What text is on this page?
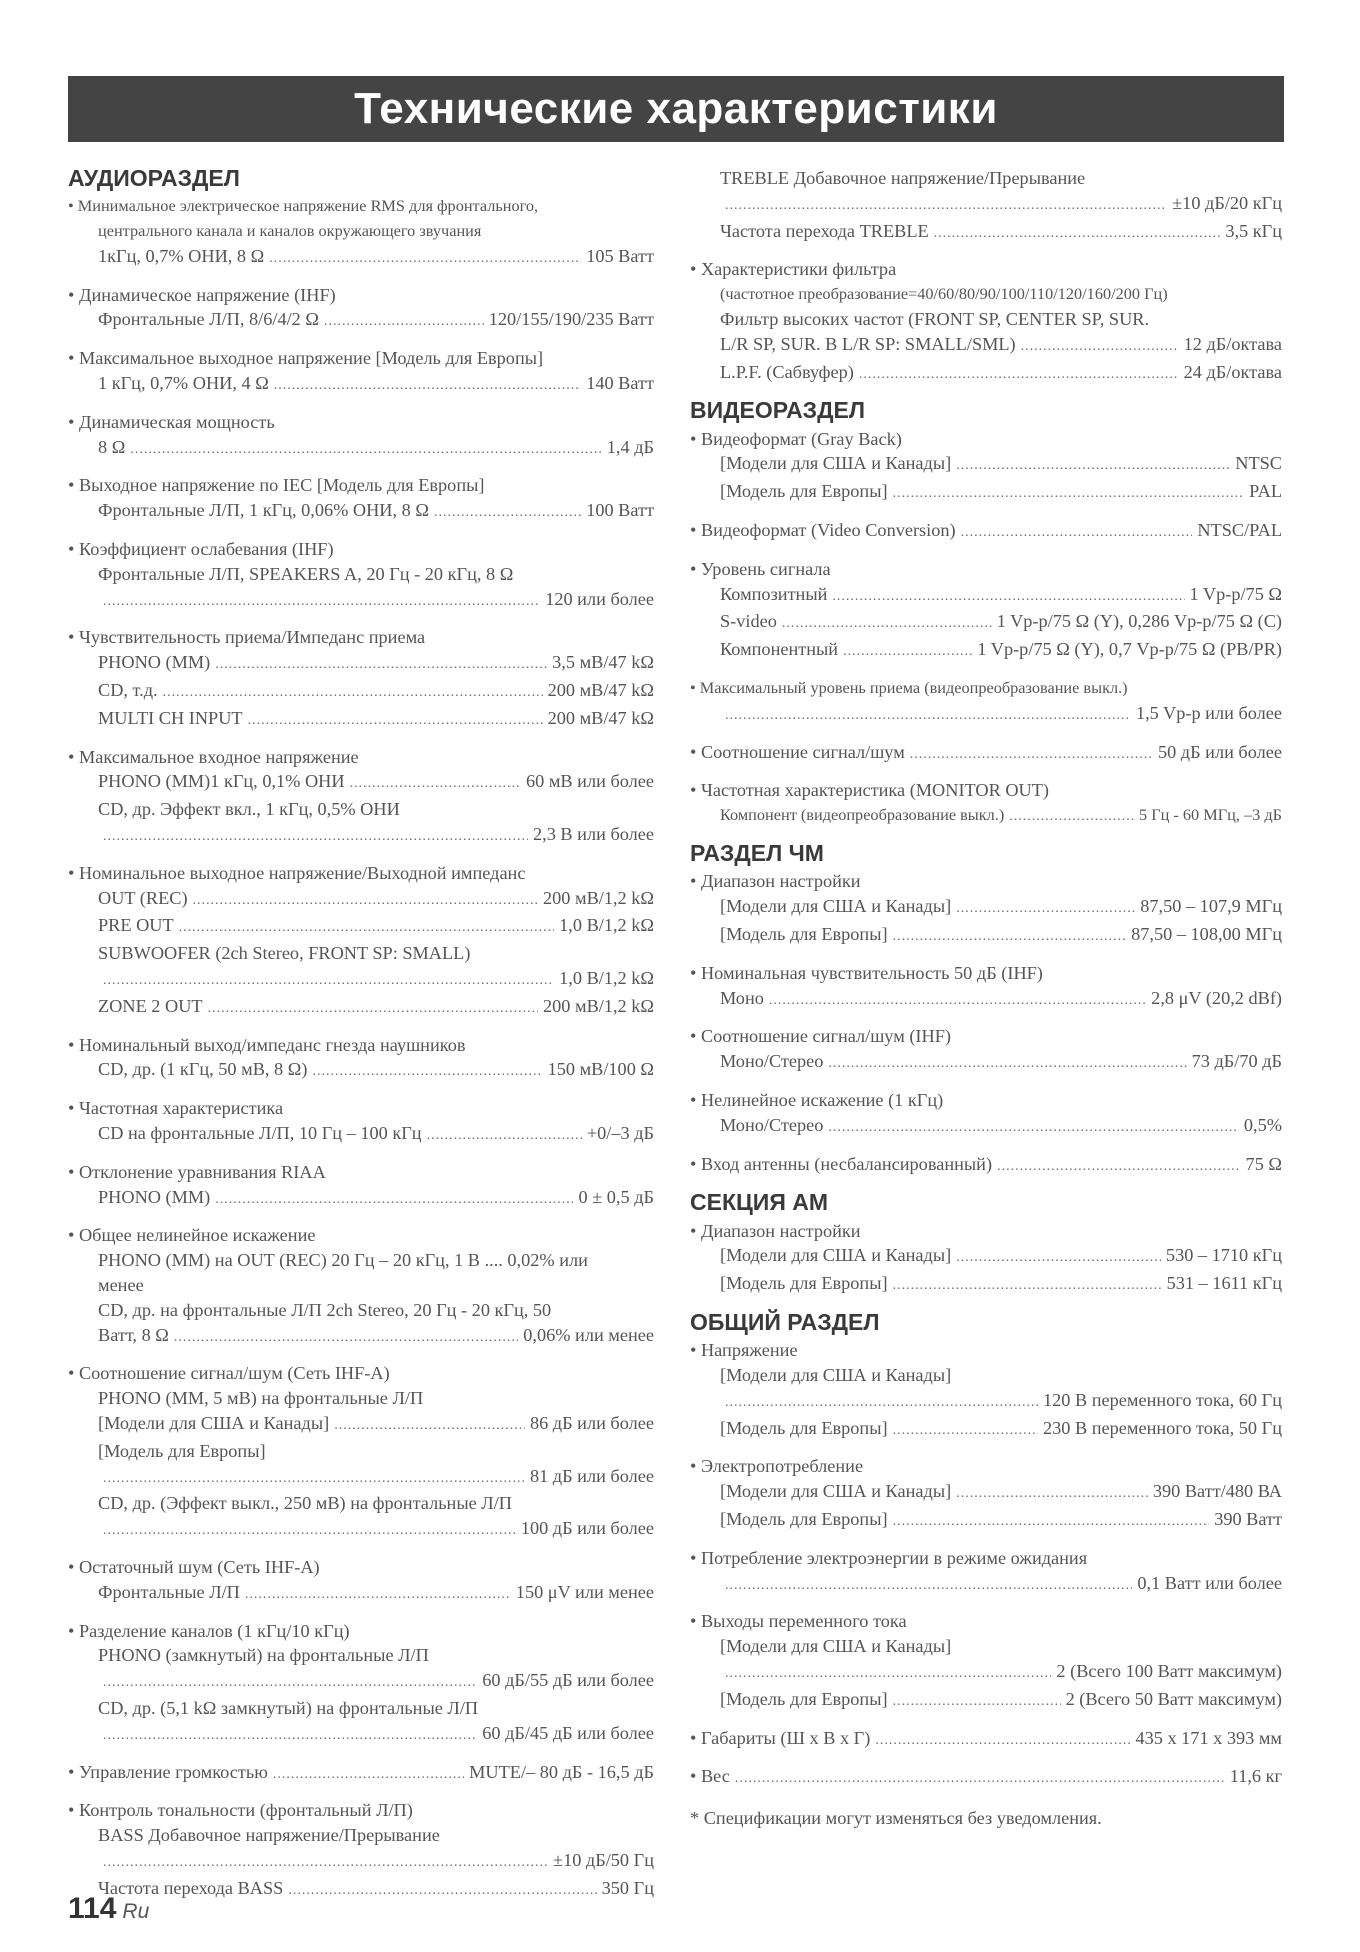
Технические характеристики
АУДИОРАЗДЕЛ
• Минимальное электрическое напряжение RMS для фронтального,
центрального канала и каналов окружающего звучания
1кГц, 0,7% ОНИ, 8 Ω .....	105 Ватт
• Динамическое напряжение (IHF)
Фронтальные Л/П, 8/6/4/2 Ω .....	120/155/190/235 Ватт
• Максимальное выходное напряжение [Модель для Европы]
1 кГц, 0,7% ОНИ, 4 Ω .....	140 Ватт
• Динамическая мощность
8 Ω .....	1,4 дБ
• Выходное напряжение по IEC [Модель для Европы]
Фронтальные Л/П, 1 кГц, 0,06% ОНИ, 8 Ω .....	100 Ватт
• Коэффициент ослабевания (IHF)
Фронтальные Л/П, SPEAKERS A, 20 Гц - 20 кГц, 8 Ω
.....
120 или более
• Чувствительность приема/Импеданс приема
PHONO (MM) .....	3,5 мВ/47 kΩ
CD, т.д. .....	200 мВ/47 kΩ
MULTI CH INPUT .....	200 мВ/47 kΩ
• Максимальное входное напряжение
PHONO (MM)1 кГц, 0,1% ОНИ .....	60 мВ или более
CD, др. Эффект вкл., 1 кГц, 0,5% ОНИ
.....
2,3 В или более
• Номинальное выходное напряжение/Выходной импеданс
OUT (REC) .....	200 мВ/1,2 kΩ
PRE OUT .....	1,0 В/1,2 kΩ
SUBWOOFER (2ch Stereo, FRONT SP: SMALL)
.....
1,0 В/1,2 kΩ
ZONE 2 OUT .....	200 мВ/1,2 kΩ
• Номинальный выход/импеданс гнезда наушников
CD, др. (1 кГц, 50 мВ, 8 Ω) .....	150 мВ/100 Ω
• Частотная характеристика
CD на фронтальные Л/П, 10 Гц – 100 кГц .....	+0/–3 дБ
• Отклонение уравнивания RIAA
PHONO (MM) .....	0 ± 0,5 дБ
• Общее нелинейное искажение
PHONO (MM) на OUT (REC) 20 Гц – 20 кГц, 1 В .... 0,02% или
менее
CD, др. на фронтальные Л/П 2ch Stereo, 20 Гц - 20 кГц, 50
Ватт, 8 Ω .....	0,06% или менее
• Соотношение сигнал/шум (Сеть IHF-A)
PHONO (MM, 5 мВ) на фронтальные Л/П
[Модели для США и Канады] .....	86 дБ или более
[Модель для Европы]
.....
81 дБ или более
CD, др. (Эффект выкл., 250 мВ) на фронтальные Л/П
.....
100 дБ или более
• Остаточный шум (Сеть IHF-A)
Фронтальные Л/П .....	150 μV или менее
• Разделение каналов (1 кГц/10 кГц)
PHONO (замкнутый) на фронтальные Л/П
.....
60 дБ/55 дБ или более
CD, др. (5,1 kΩ замкнутый) на фронтальные Л/П
.....
60 дБ/45 дБ или более
• Управление громкостью .....	MUTE/– 80 дБ - 16,5 дБ
• Контроль тональности (фронтальный Л/П)
BASS Добавочное напряжение/Прерывание
.....
±10 дБ/50 Гц
Частота перехода BASS .....	350 Гц
TREBLE Добавочное напряжение/Прерывание
.....
±10 дБ/20 кГц
Частота перехода TREBLE .....	3,5 кГц
• Характеристики фильтра
(частотное преобразование=40/60/80/90/100/110/120/160/200 Гц)
Фильтр высоких частот (FRONT SP, CENTER SP, SUR.
L/R SP, SUR. B L/R SP: SMALL/SML) .....	12 дБ/октава
L.P.F. (Сабвуфер) .....	24 дБ/октава
ВИДЕОРАЗДЕЛ
• Видеоформат (Gray Back)
[Модели для США и Канады] .....	NTSC
[Модель для Европы] .....	PAL
• Видеоформат (Video Conversion) .....	NTSC/PAL
• Уровень сигнала
Композитный .....	1 Vp-p/75 Ω
S-video .....	1 Vp-p/75 Ω (Y), 0,286 Vp-p/75 Ω (C)
Компонентный .....	1 Vp-p/75 Ω (Y), 0,7 Vp-p/75 Ω (PB/PR)
• Максимальный уровень приема (видеопреобразование выкл.)
.....
1,5 Vp-p или более
• Соотношение сигнал/шум .....	50 дБ или более
• Частотная характеристика (MONITOR OUT)
Компонент (видеопреобразование выкл.) .....	5 Гц - 60 МГц, –3 дБ
РАЗДЕЛ ЧМ
• Диапазон настройки
[Модели для США и Канады] .....	87,50 – 107,9 МГц
[Модель для Европы] .....	87,50 – 108,00 МГц
• Номинальная чувствительность 50 дБ (IHF)
Моно .....	2,8 μV (20,2 dBf)
• Соотношение сигнал/шум (IHF)
Моно/Стерео .....	73 дБ/70 дБ
• Нелинейное искажение (1 кГц)
Моно/Стерео .....	0,5%
• Вход антенны (несбалансированный) .....	75 Ω
СЕКЦИЯ AM
• Диапазон настройки
[Модели для США и Канады] .....	530 – 1710 кГц
[Модель для Европы] .....	531 – 1611 кГц
ОБЩИЙ РАЗДЕЛ
• Напряжение
[Модели для США и Канады]
.....
120 В переменного тока, 60 Гц
[Модель для Европы] .....	230 В переменного тока, 50 Гц
• Электропотребление
[Модели для США и Канады] .....	390 Ватт/480 ВА
[Модель для Европы] .....	390 Ватт
• Потребление электроэнергии в режиме ожидания
.....
0,1 Ватт или более
• Выходы переменного тока
[Модели для США и Канады]
.....
2 (Всего 100 Ватт максимум)
[Модель для Европы] .....	2 (Всего 50 Ватт максимум)
• Габариты (Ш x В x Г) .....	435 x 171 x 393 мм
• Вес .....	11,6 кг
* Спецификации могут изменяться без уведомления.
114 Ru
